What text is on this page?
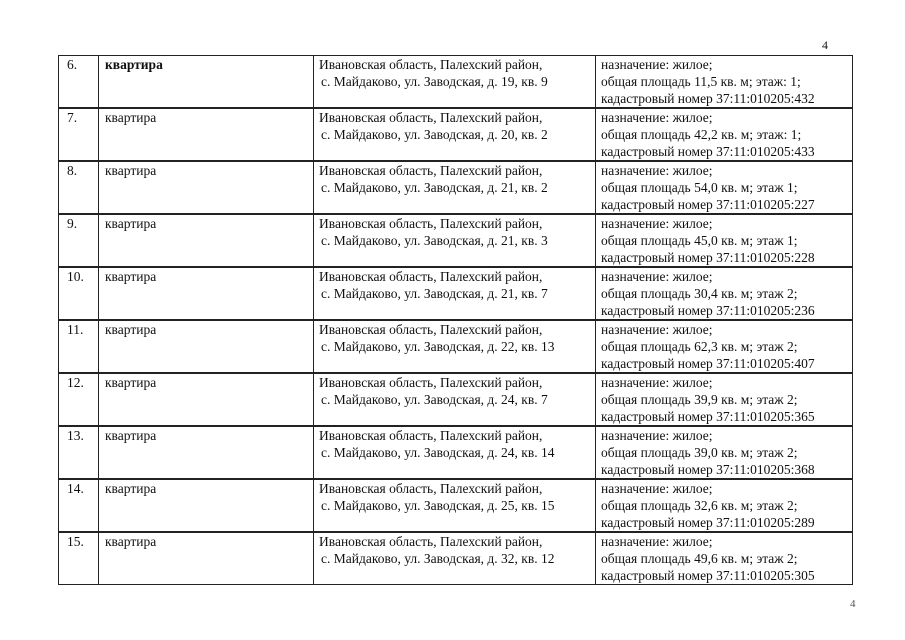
4
6.	квартира	Ивановская область, Палехский район,
с. Майдаково, ул. Заводская, д. 19, кв. 9	назначение: жилое;
общая площадь 11,5 кв. м; этаж: 1;
кадастровый номер 37:11:010205:432

7.	квартира	Ивановская область, Палехский район,
с. Майдаково, ул. Заводская, д. 20, кв. 2	назначение: жилое;
общая площадь 42,2 кв. м; этаж: 1;
кадастровый номер 37:11:010205:433

8.	квартира	Ивановская область, Палехский район,
с. Майдаково, ул. Заводская, д. 21, кв. 2	назначение: жилое;
общая площадь 54,0 кв. м; этаж 1;
кадастровый номер 37:11:010205:227

9.	квартира	Ивановская область, Палехский район,
с. Майдаково, ул. Заводская, д. 21, кв. 3	назначение: жилое;
общая площадь 45,0 кв. м; этаж 1;
кадастровый номер 37:11:010205:228

10.	квартира	Ивановская область, Палехский район,
с. Майдаково, ул. Заводская, д. 21, кв. 7	назначение: жилое;
общая площадь 30,4 кв. м; этаж 2;
кадастровый номер 37:11:010205:236

11.	квартира	Ивановская область, Палехский район,
с. Майдаково, ул. Заводская, д. 22, кв. 13	назначение: жилое;
общая площадь 62,3 кв. м; этаж 2;
кадастровый номер 37:11:010205:407

12.	квартира	Ивановская область, Палехский район,
с. Майдаково, ул. Заводская, д. 24, кв. 7	назначение: жилое;
общая площадь 39,9 кв. м; этаж 2;
кадастровый номер 37:11:010205:365

13.	квартира	Ивановская область, Палехский район,
с. Майдаково, ул. Заводская, д. 24, кв. 14	назначение: жилое;
общая площадь 39,0 кв. м; этаж 2;
кадастровый номер 37:11:010205:368

14.	квартира	Ивановская область, Палехский район,
с. Майдаково, ул. Заводская, д. 25, кв. 15	назначение: жилое;
общая площадь 32,6 кв. м; этаж 2;
кадастровый номер 37:11:010205:289

15.	квартира	Ивановская область, Палехский район,
с. Майдаково, ул. Заводская, д. 32, кв. 12	назначение: жилое;
общая площадь 49,6 кв. м; этаж 2;
кадастровый номер 37:11:010205:305
4
